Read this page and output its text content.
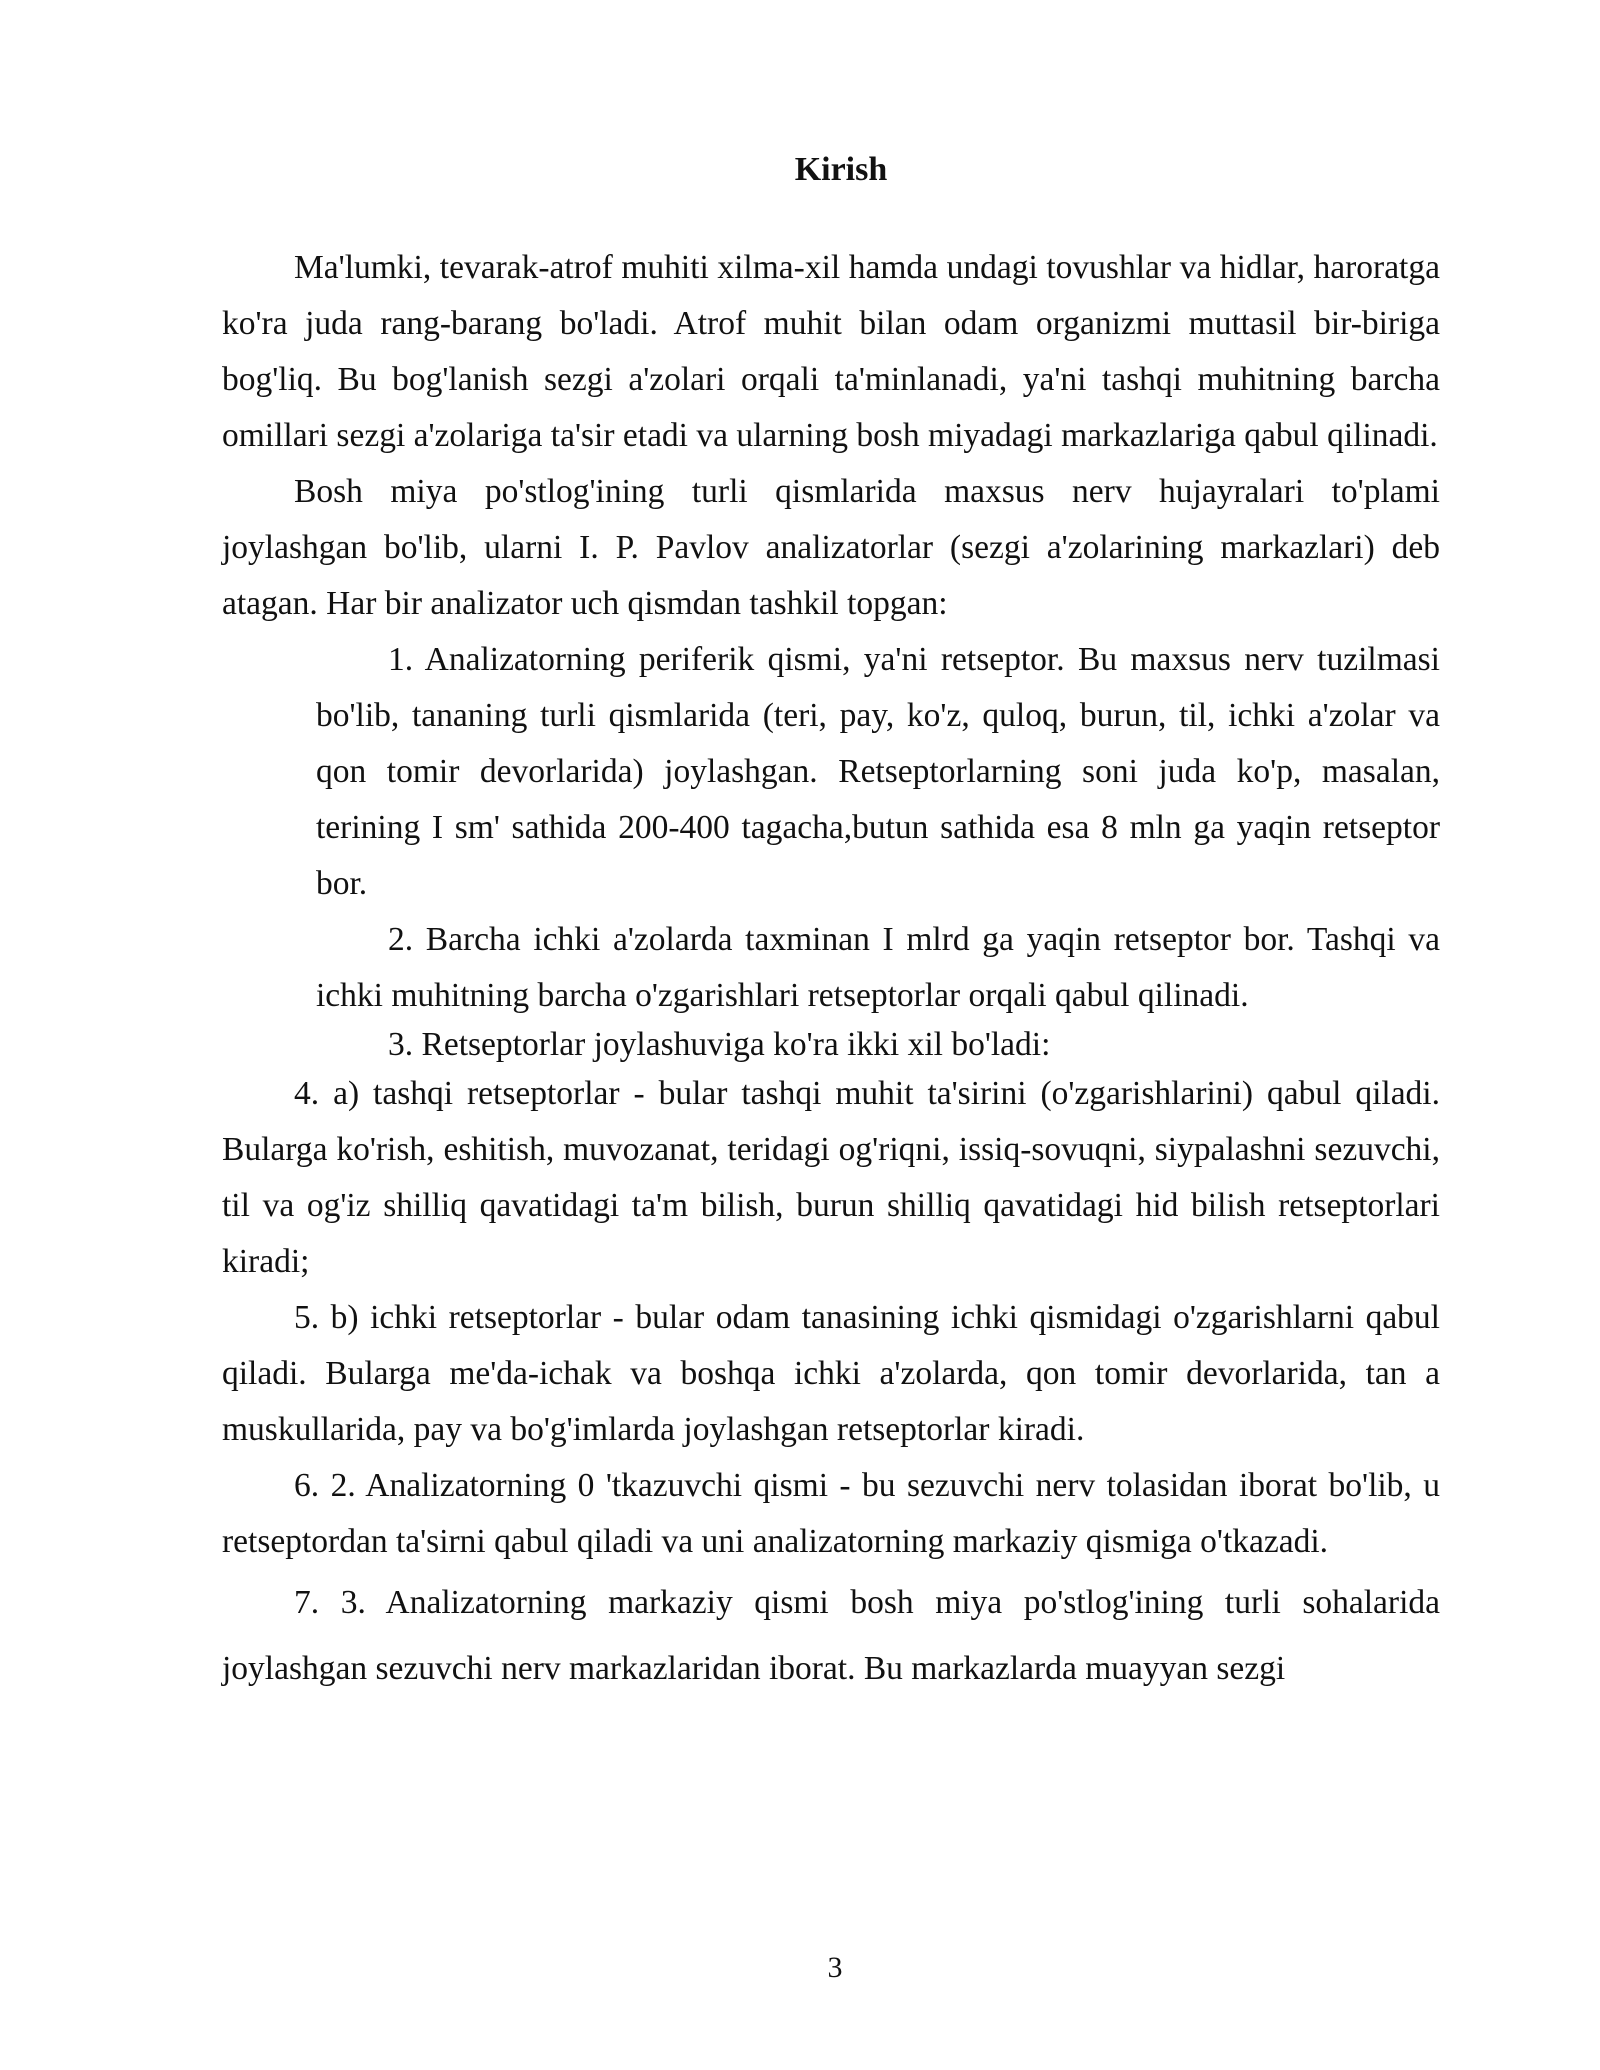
Kirish

Ma'lumki, tevarak-atrof muhiti xilma-xil hamda undagi tovushlar va hidlar, haroratga ko'ra juda rang-barang bo'ladi. Atrof muhit bilan odam organizmi muttasil bir-biriga bog'liq. Bu bog'lanish sezgi a'zolari orqali ta'minlanadi, ya'ni tashqi muhitning barcha omillari sezgi a'zolariga ta'sir etadi va ularning bosh miyadagi markazlariga qabul qilinadi.

Bosh miya po'stlog'ining turli qismlarida maxsus nerv hujayralari to'plami joylashgan bo'lib, ularni I. P. Pavlov analizatorlar (sezgi a'zolarining markazlari) deb atagan. Har bir analizator uch qismdan tashkil topgan:

1. Analizatorning periferik qismi, ya'ni retseptor. Bu maxsus nerv tuzilmasi bo'lib, tananing turli qismlarida (teri, pay, ko'z, quloq, burun, til, ichki a'zolar va qon tomir devorlarida) joylashgan. Retseptorlarning soni juda ko'p, masalan, terining I sm' sathida 200-400 tagacha,butun sathida esa 8 mln ga yaqin retseptor bor.

2. Barcha ichki a'zolarda taxminan I mlrd ga yaqin retseptor bor. Tashqi va ichki muhitning barcha o'zgarishlari retseptorlar orqali qabul qilinadi.

3. Retseptorlar joylashuviga ko'ra ikki xil bo'ladi:

4. a) tashqi retseptorlar - bular tashqi muhit ta'sirini (o'zgarishlarini) qabul qiladi. Bularga ko'rish, eshitish, muvozanat, teridagi og'riqni, issiq-sovuqni, siypalashni sezuvchi, til va og'iz shilliq qavatidagi ta'm bilish, burun shilliq qavatidagi hid bilish retseptorlari kiradi;

5. b) ichki retseptorlar - bular odam tanasining ichki qismidagi o'zgarishlarni qabul qiladi. Bularga me'da-ichak va boshqa ichki a'zolarda, qon tomir devorlarida, tan a muskullarida, pay va bo'g'imlarda joylashgan retseptorlar kiradi.

6. 2. Analizatorning 0 'tkazuvchi qismi - bu sezuvchi nerv tolasidan iborat bo'lib, u retseptordan ta'sirni qabul qiladi va uni analizatorning markaziy qismiga o'tkazadi.

7. 3. Analizatorning markaziy qismi bosh miya po'stlog'ining turli sohalarida joylashgan sezuvchi nerv markazlaridan iborat. Bu markazlarda muayyan sezgi

3
